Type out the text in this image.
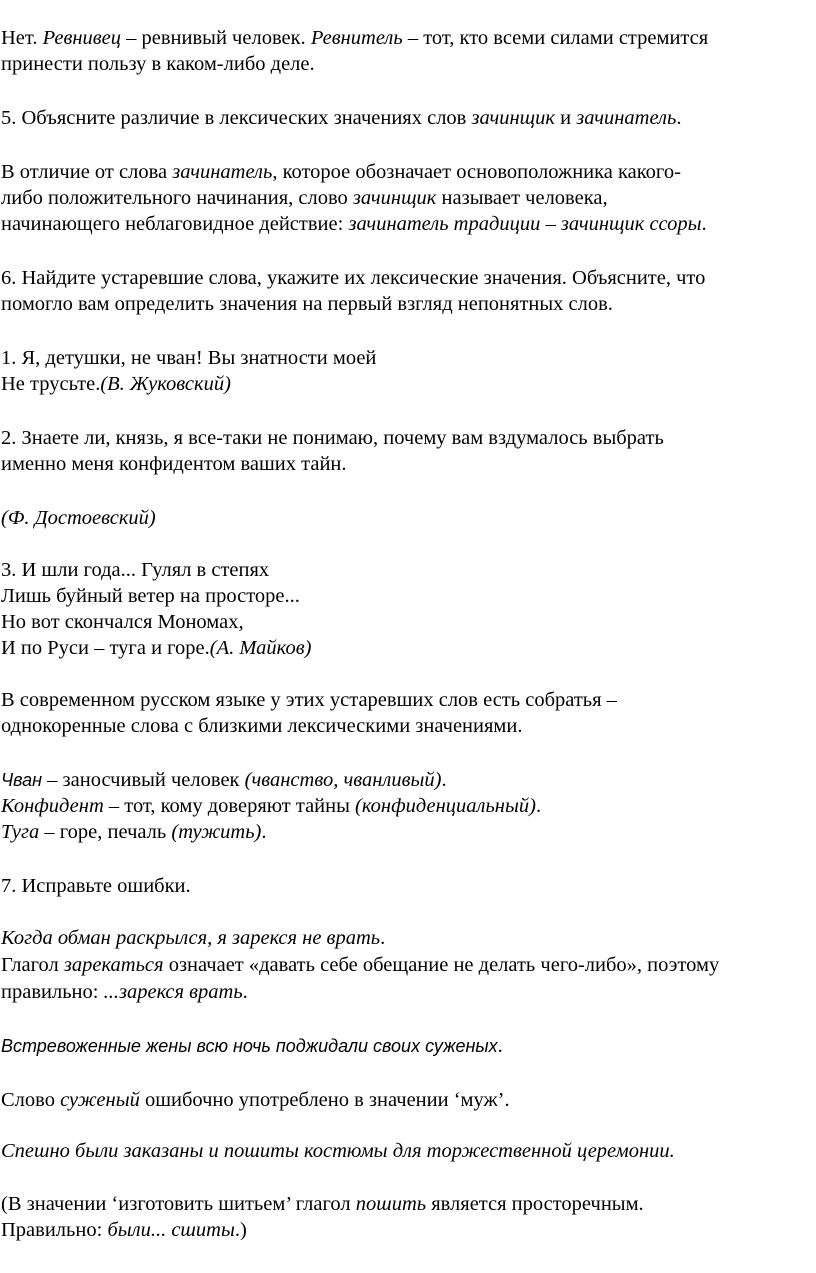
Нет. Ревнивец – ревнивый человек. Ревнитель – тот, кто всеми силами стремится
принести пользу в каком-либо деле.
5. Объясните различие в лексических значениях слов зачинщик и зачинатель.
В отличие от слова зачинатель, которое обозначает основоположника какого-
либо положительного начинания, слово зачинщик называет человека,
начинающего неблаговидное действие: зачинатель традиции – зачинщик ссоры.
6. Найдите устаревшие слова, укажите их лексические значения. Объясните, что
помогло вам определить значения на первый взгляд непонятных слов.
1. Я, детушки, не чван! Вы знатности моей
Не трусьте.(В. Жуковский)
2. Знаете ли, князь, я все-таки не понимаю, почему вам вздумалось выбрать
именно меня конфидентом ваших тайн.
(Ф. Достоевский)
3. И шли года... Гулял в степях
Лишь буйный ветер на просторе...
Но вот скончался Мономах,
И по Руси – туга и горе.(А. Майков)
В современном русском языке у этих устаревших слов есть собратья –
однокоренные слова с близкими лексическими значениями.
Чван – заносчивый человек (чванство, чванливый).
Конфидент – тот, кому доверяют тайны (конфиденциальный).
Туга – горе, печаль (тужить).
7. Исправьте ошибки.
Когда обман раскрылся, я зарекся не врать.
Глагол зарекаться означает «давать себе обещание не делать чего-либо», поэтому
правильно: ...зарекся врать.
Встревоженные жены всю ночь поджидали своих суженых.
Слово суженый ошибочно употреблено в значении ‘муж’.
Спешно были заказаны и пошиты костюмы для торжественной церемонии.
(В значении ‘изготовить шитьем’ глагол пошить является просторечным.
Правильно: были... сшиты.)
